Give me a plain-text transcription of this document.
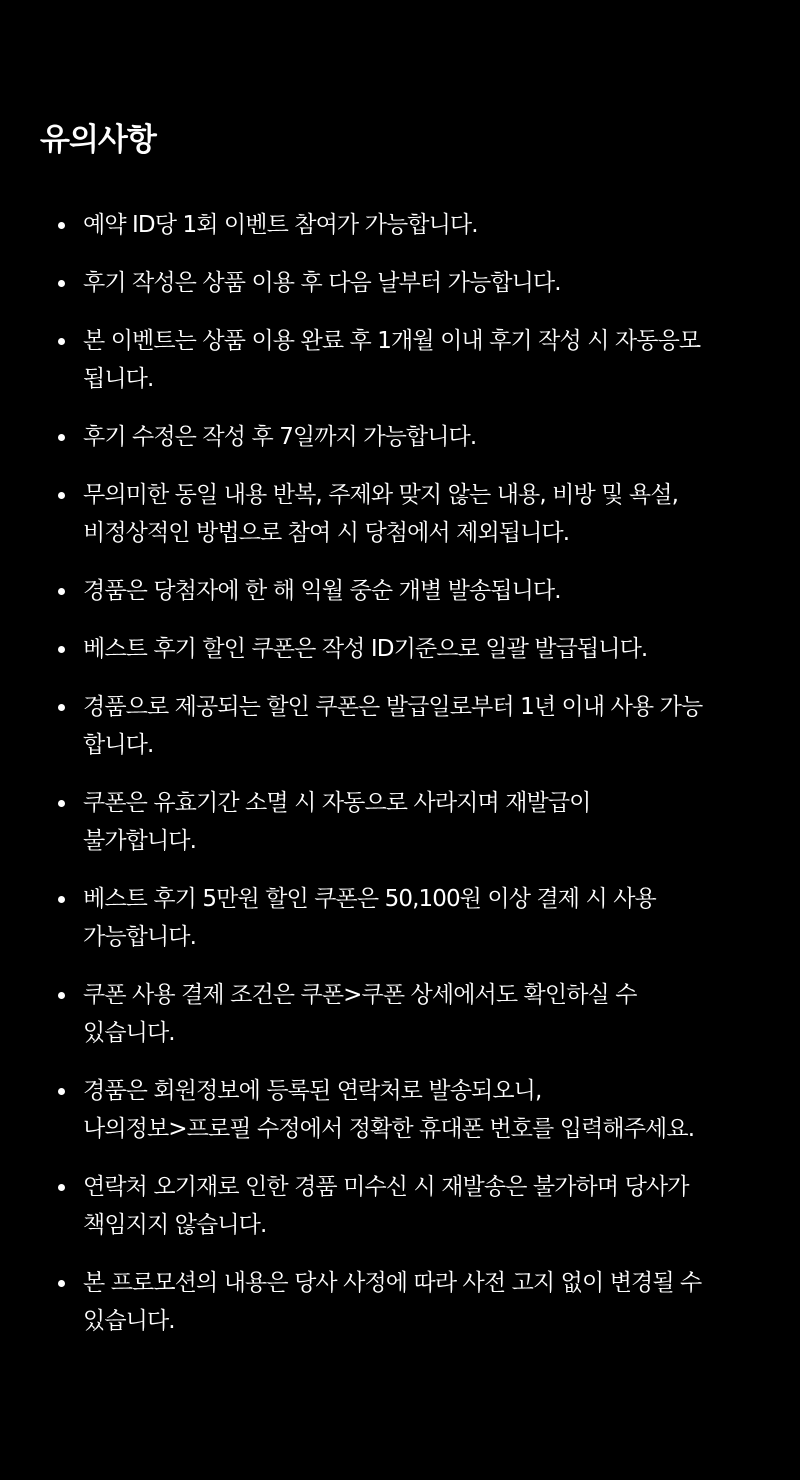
유의사항
예약 ID당 1회 이벤트 참여가 가능합니다.
후기 작성은 상품 이용 후 다음 날부터 가능합니다.
본 이벤트는 상품 이용 완료 후 1개월 이내 후기 작성 시 자동응모
됩니다.
후기 수정은 작성 후 7일까지 가능합니다.
무의미한 동일 내용 반복, 주제와 맞지 않는 내용, 비방 및 욕설,
비정상적인 방법으로 참여 시 당첨에서 제외됩니다.
경품은 당첨자에 한 해 익월 중순 개별 발송됩니다.
베스트 후기 할인 쿠폰은 작성 ID기준으로 일괄 발급됩니다.
경품으로 제공되는 할인 쿠폰은 발급일로부터 1년 이내 사용 가능
합니다.
쿠폰은 유효기간 소멸 시 자동으로 사라지며 재발급이
불가합니다.
베스트 후기 5만원 할인 쿠폰은 50,100원 이상 결제 시 사용
가능합니다.
쿠폰 사용 결제 조건은 쿠폰>쿠폰 상세에서도 확인하실 수
있습니다.
경품은 회원정보에 등록된 연락처로 발송되오니,
나의정보>프로필 수정에서 정확한 휴대폰 번호를 입력해주세요.
연락처 오기재로 인한 경품 미수신 시 재발송은 불가하며 당사가
책임지지 않습니다.
본 프로모션의 내용은 당사 사정에 따라 사전 고지 없이 변경될 수
있습니다.
